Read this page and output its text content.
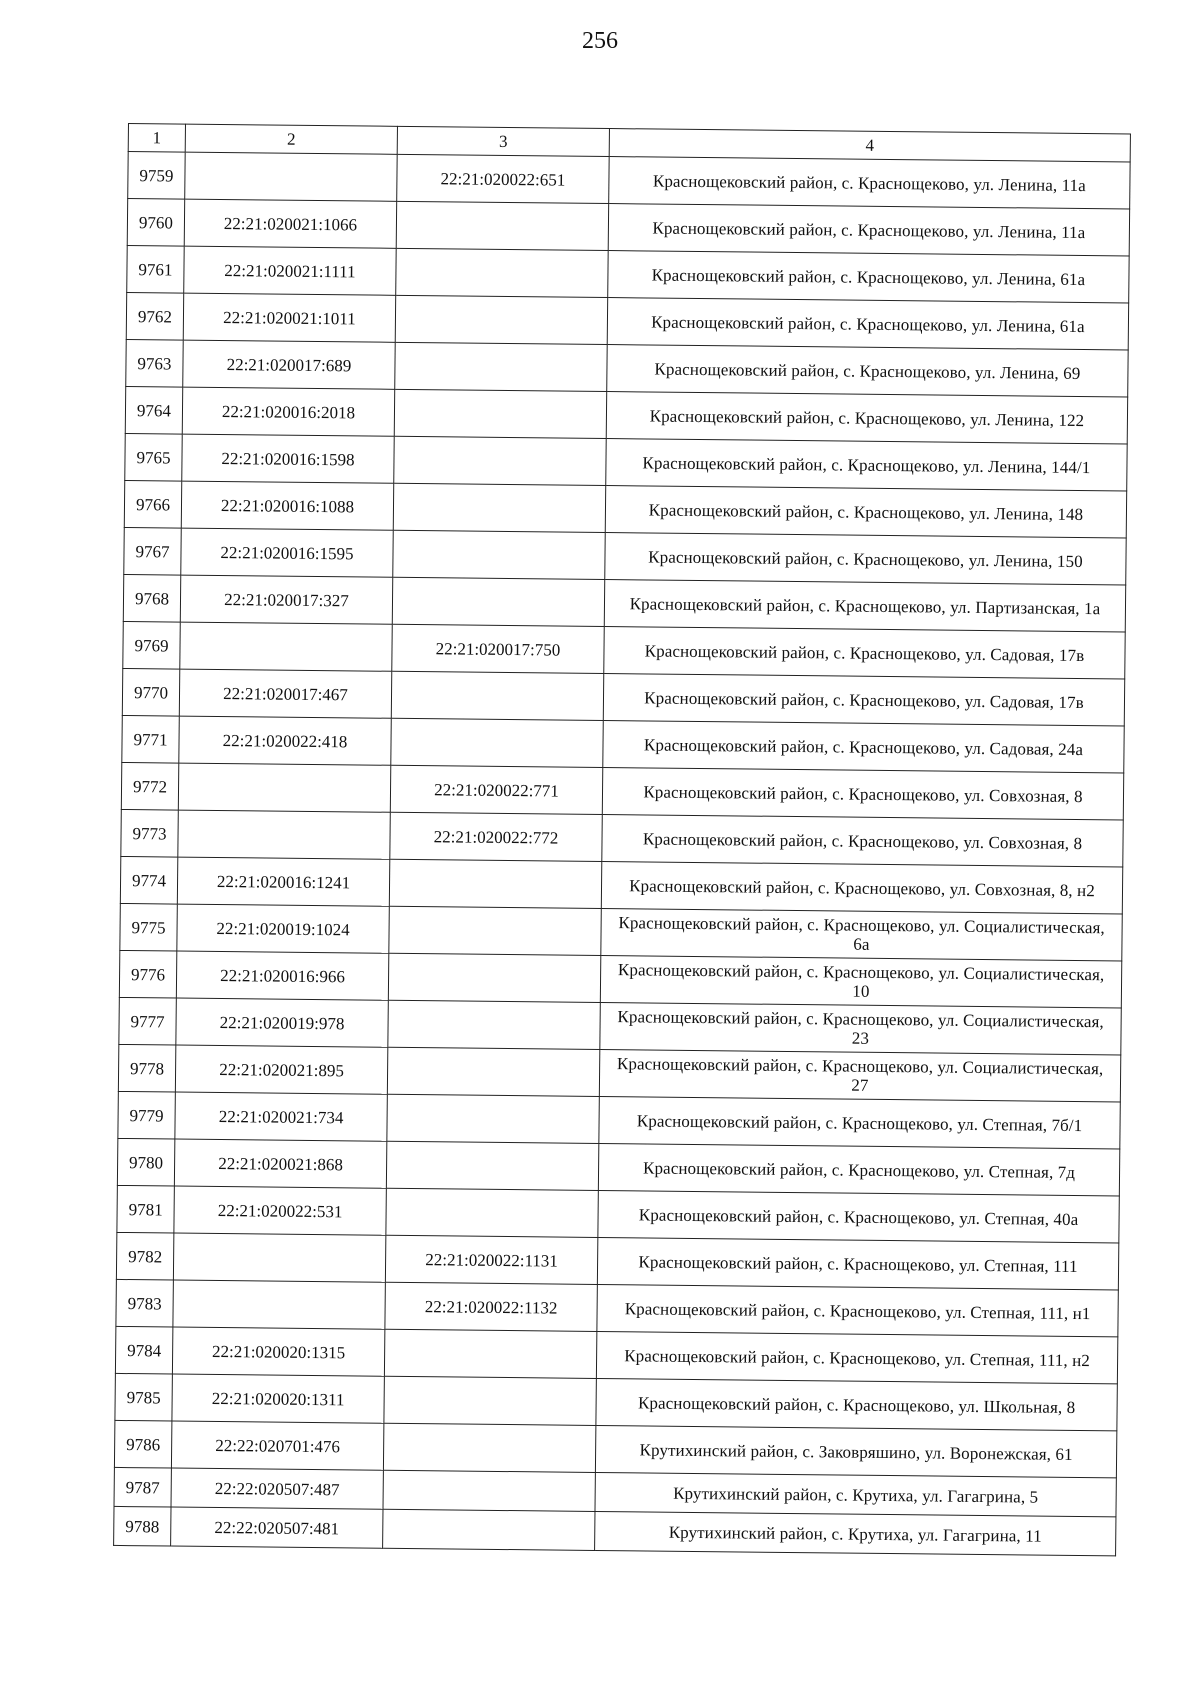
256
1	2	3	4
9759		22:21:020022:651	Краснощековский район, с. Краснощеково, ул. Ленина, 11а

9760	22:21:020021:1066		Краснощековский район, с. Краснощеково, ул. Ленина, 11а

9761	22:21:020021:1111		Краснощековский район, с. Краснощеково, ул. Ленина, 61а

9762	22:21:020021:1011		Краснощековский район, с. Краснощеково, ул. Ленина, 61а

9763	22:21:020017:689		Краснощековский район, с. Краснощеково, ул. Ленина, 69

9764	22:21:020016:2018		Краснощековский район, с. Краснощеково, ул. Ленина, 122

9765	22:21:020016:1598		Краснощековский район, с. Краснощеково, ул. Ленина, 144/1

9766	22:21:020016:1088		Краснощековский район, с. Краснощеково, ул. Ленина, 148

9767	22:21:020016:1595		Краснощековский район, с. Краснощеково, ул. Ленина, 150

9768	22:21:020017:327		Краснощековский район, с. Краснощеково, ул. Партизанская, 1а

9769		22:21:020017:750	Краснощековский район, с. Краснощеково, ул. Садовая, 17в

9770	22:21:020017:467		Краснощековский район, с. Краснощеково, ул. Садовая, 17в

9771	22:21:020022:418		Краснощековский район, с. Краснощеково, ул. Садовая, 24а

9772		22:21:020022:771	Краснощековский район, с. Краснощеково, ул. Совхозная, 8

9773		22:21:020022:772	Краснощековский район, с. Краснощеково, ул. Совхозная, 8

9774	22:21:020016:1241		Краснощековский район, с. Краснощеково, ул. Совхозная, 8, н2

9775	22:21:020019:1024		Краснощековский район, с. Краснощеково, ул. Социалистическая, 6а

9776	22:21:020016:966		Краснощековский район, с. Краснощеково, ул. Социалистическая, 10

9777	22:21:020019:978		Краснощековский район, с. Краснощеково, ул. Социалистическая, 23

9778	22:21:020021:895		Краснощековский район, с. Краснощеково, ул. Социалистическая, 27

9779	22:21:020021:734		Краснощековский район, с. Краснощеково, ул. Степная, 7б/1

9780	22:21:020021:868		Краснощековский район, с. Краснощеково, ул. Степная, 7д

9781	22:21:020022:531		Краснощековский район, с. Краснощеково, ул. Степная, 40а

9782		22:21:020022:1131	Краснощековский район, с. Краснощеково, ул. Степная, 111

9783		22:21:020022:1132	Краснощековский район, с. Краснощеково, ул. Степная, 111, н1

9784	22:21:020020:1315		Краснощековский район, с. Краснощеково, ул. Степная, 111, н2

9785	22:21:020020:1311		Краснощековский район, с. Краснощеково, ул. Школьная, 8

9786	22:22:020701:476		Крутихинский район, с. Заковряшино, ул. Воронежская, 61

9787	22:22:020507:487		Крутихинский район, с. Крутиха, ул. Гагагрина, 5

9788	22:22:020507:481		Крутихинский район, с. Крутиха, ул. Гагагрина, 11
